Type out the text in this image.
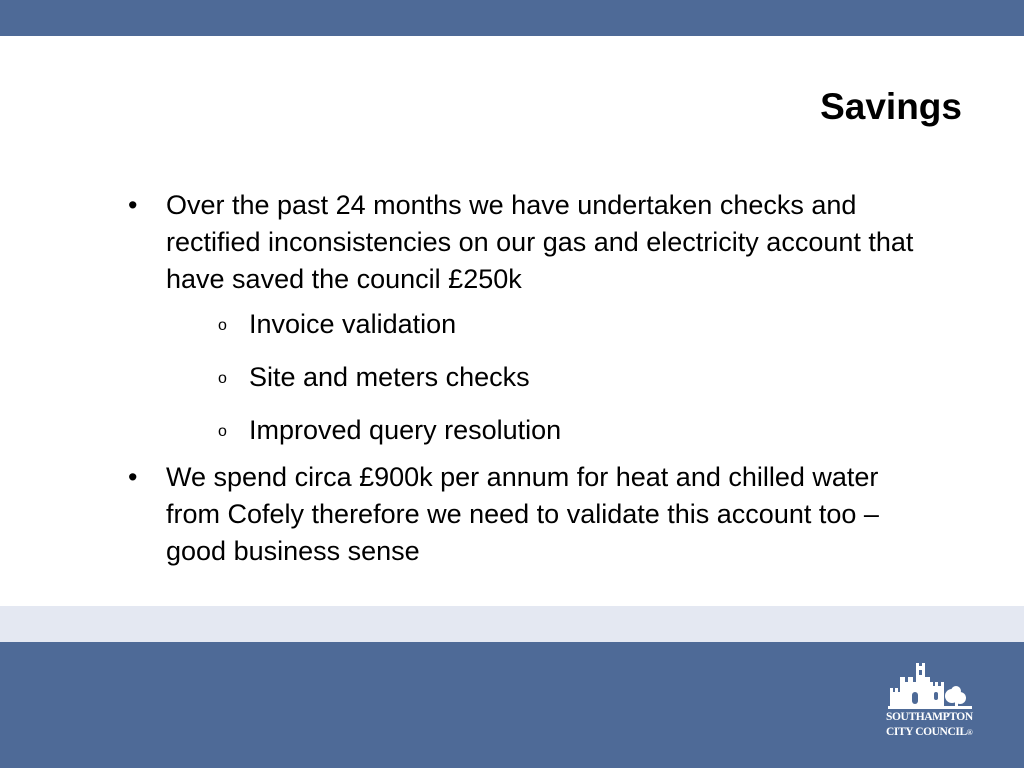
Savings
• Over the past 24 months we have undertaken checks and rectified inconsistencies on our gas and electricity account that have saved the council £250k
o Invoice validation
o Site and meters checks
o Improved query resolution
• We spend circa £900k per annum for heat and chilled water from Cofely therefore we need to validate this account too – good business sense
SOUTHAMPTON
CITY COUNCIL®
